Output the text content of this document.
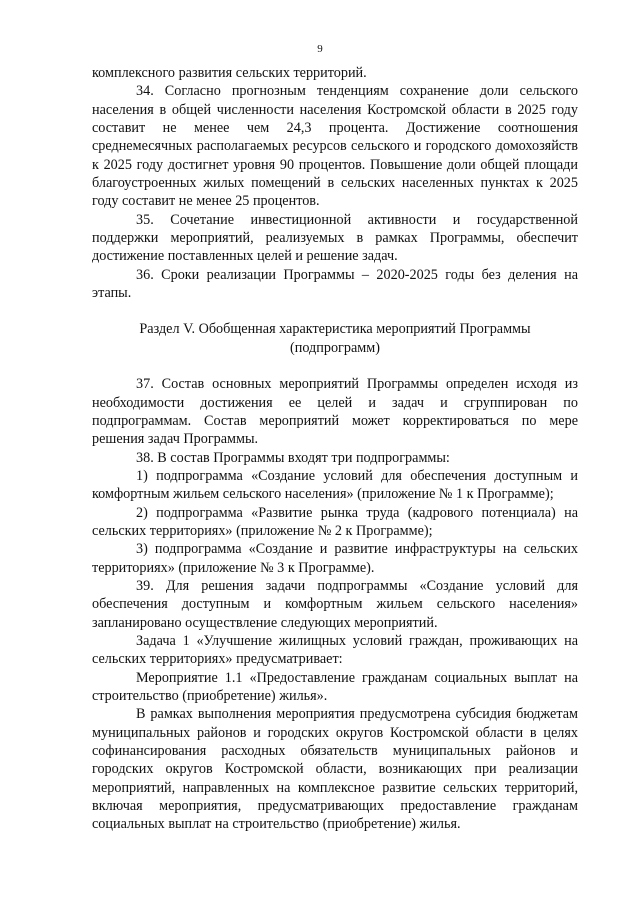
9

комплексного развития сельских территорий.

34. Согласно прогнозным тенденциям сохранение доли сельского населения в общей численности населения Костромской области в 2025 году составит не менее чем 24,3 процента. Достижение соотношения среднемесячных располагаемых ресурсов сельского и городского домохозяйств к 2025 году достигнет уровня 90 процентов. Повышение доли общей площади благоустроенных жилых помещений в сельских населенных пунктах к 2025 году составит не менее 25 процентов.

35. Сочетание инвестиционной активности и государственной поддержки мероприятий, реализуемых в рамках Программы, обеспечит достижение поставленных целей и решение задач.

36. Сроки реализации Программы – 2020-2025 годы без деления на этапы.

Раздел V. Обобщенная характеристика мероприятий Программы (подпрограмм)

37. Состав основных мероприятий Программы определен исходя из необходимости достижения ее целей и задач и сгруппирован по подпрограммам. Состав мероприятий может корректироваться по мере решения задач Программы.

38. В состав Программы входят три подпрограммы:

1) подпрограмма «Создание условий для обеспечения доступным и комфортным жильем сельского населения» (приложение № 1 к Программе);

2) подпрограмма «Развитие рынка труда (кадрового потенциала) на сельских территориях» (приложение № 2 к Программе);

3) подпрограмма «Создание и развитие инфраструктуры на сельских территориях» (приложение № 3 к Программе).

39. Для решения задачи подпрограммы «Создание условий для обеспечения доступным и комфортным жильем сельского населения» запланировано осуществление следующих мероприятий.

Задача 1 «Улучшение жилищных условий граждан, проживающих на сельских территориях» предусматривает:

Мероприятие 1.1 «Предоставление гражданам социальных выплат на строительство (приобретение) жилья».

В рамках выполнения мероприятия предусмотрена субсидия бюджетам муниципальных районов и городских округов Костромской области в целях софинансирования расходных обязательств муниципальных районов и городских округов Костромской области, возникающих при реализации мероприятий, направленных на комплексное развитие сельских территорий, включая мероприятия, предусматривающих предоставление гражданам социальных выплат на строительство (приобретение) жилья.
